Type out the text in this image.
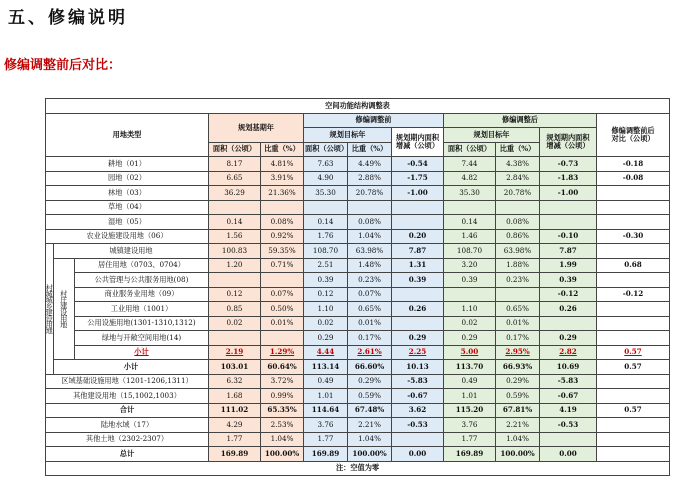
五、修编说明
修编调整前后对比：
空间功能结构调整表											
用地类型			规划基期年		修编调整前			修编调整后			修编调整前后
对比（公顷）
					规划目标年		规划期内面积
增减（公顷）	规划目标年		规划期内面积
增减（公顷）	
			面积（公顷）	比重（%）	面积（公顷）	比重（%）		面积（公顷）	比重（%）		
耕地（01）			8.17	4.81%	7.63	4.49%	-0.54	7.44	4.38%	-0.73	-0.18
园地（02）			6.65	3.91%	4.90	2.88%	-1.75	4.82	2.84%	-1.83	-0.08
林地（03）			36.29	21.36%	35.30	20.78%	-1.00	35.30	20.78%	-1.00	
草地（04）											
湿地（05）			0.14	0.08%	0.14	0.08%		0.14	0.08%		
农业设施建设用地（06）			1.56	0.92%	1.76	1.04%	0.20	1.46	0.86%	-0.10	-0.30
村城城乡建设用地	城镇建设用地		100.83	59.35%	108.70	63.98%	7.87	108.70	63.98%	7.87	
	村庄建设用地	居住用地（0703、0704）	1.20	0.71%	2.51	1.48%	1.31	3.20	1.88%	1.99	0.68
		公共管理与公共服务用地(08)			0.39	0.23%	0.39	0.39	0.23%	0.39	
		商业服务业用地（09）	0.12	0.07%	0.12	0.07%				-0.12	-0.12
		工业用地（1001）	0.85	0.50%	1.10	0.65%	0.26	1.10	0.65%	0.26	
		公用设施用地(1301-1310,1312)	0.02	0.01%	0.02	0.01%		0.02	0.01%		
		绿地与开敞空间用地(14)			0.29	0.17%	0.29	0.29	0.17%	0.29	
		小计	2.19	1.29%	4.44	2.61%	2.25	5.00	2.95%	2.82	0.57
	小计		103.01	60.64%	113.14	66.60%	10.13	113.70	66.93%	10.69	0.57
区域基础设施用地（1201-1206,1311）			6.32	3.72%	0.49	0.29%	-5.83	0.49	0.29%	-5.83	
其他建设用地（15,1002,1003）			1.68	0.99%	1.01	0.59%	-0.67	1.01	0.59%	-0.67	
合计			111.02	65.35%	114.64	67.48%	3.62	115.20	67.81%	4.19	0.57
陆地水域（17）			4.29	2.53%	3.76	2.21%	-0.53	3.76	2.21%	-0.53	
其他土地（2302-2307）			1.77	1.04%	1.77	1.04%		1.77	1.04%		
总计			169.89	100.00%	169.89	100.00%	0.00	169.89	100.00%	0.00	
注：空值为零											
